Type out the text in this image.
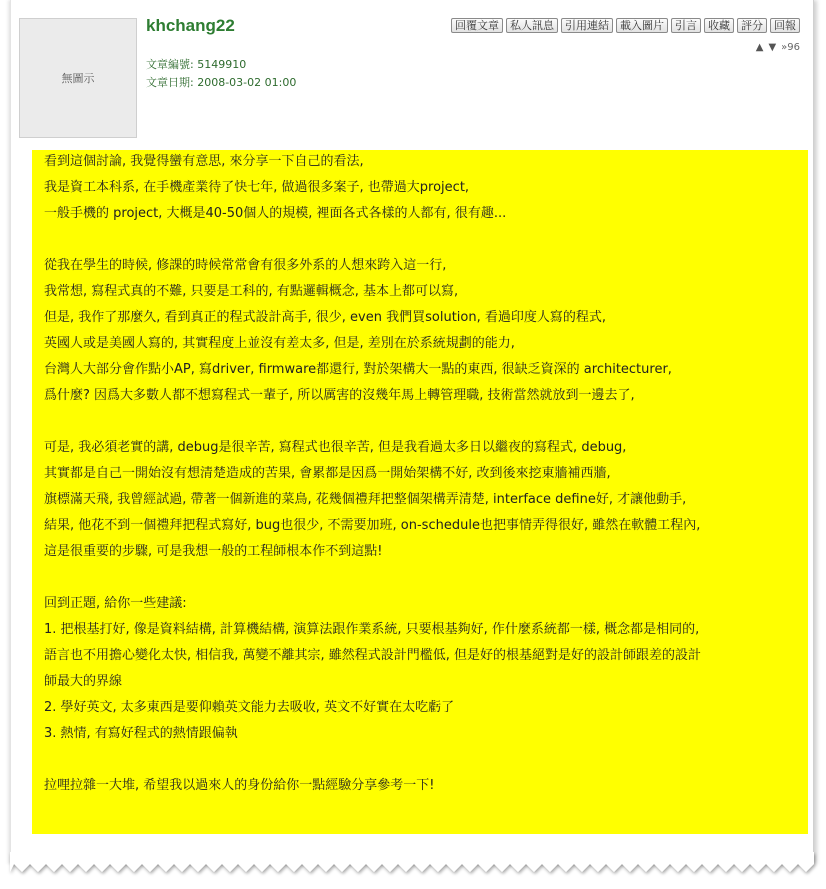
無圖示
khchang22
文章編號: 5149910
文章日期: 2008-03-02 01:00
回覆文章	私人訊息	引用連結	載入圖片	引言	收藏	評分	回報
▲ ▼ »96
看到這個討論, 我覺得蠻有意思, 來分享一下自己的看法,
我是資工本科系, 在手機產業待了快七年, 做過很多案子, 也帶過大project,
一般手機的 project, 大概是40-50個人的規模, 裡面各式各樣的人都有, 很有趣...
從我在學生的時候, 修課的時候常常會有很多外系的人想來跨入這一行,
我常想, 寫程式真的不難, 只要是工科的, 有點邏輯概念, 基本上都可以寫,
但是, 我作了那麼久, 看到真正的程式設計高手, 很少, even 我們買solution, 看過印度人寫的程式,
英國人或是美國人寫的, 其實程度上並沒有差太多, 但是, 差別在於系統規劃的能力,
台灣人大部分會作點小AP, 寫driver, firmware都還行, 對於架構大一點的東西, 很缺乏資深的 architecturer,
爲什麼? 因爲大多數人都不想寫程式一輩子, 所以厲害的沒幾年馬上轉管理職, 技術當然就放到一邊去了,
可是, 我必須老實的講, debug是很辛苦, 寫程式也很辛苦, 但是我看過太多日以繼夜的寫程式, debug,
其實都是自己一開始沒有想清楚造成的苦果, 會累都是因爲一開始架構不好, 改到後來挖東牆補西牆,
旗標滿天飛, 我曾經試過, 帶著一個新進的菜鳥, 花幾個禮拜把整個架構弄清楚, interface define好, 才讓他動手,
結果, 他花不到一個禮拜把程式寫好, bug也很少, 不需要加班, on-schedule也把事情弄得很好, 雖然在軟體工程內,
這是很重要的步驟, 可是我想一般的工程師根本作不到這點!
回到正題, 給你一些建議:
1. 把根基打好, 像是資料結構, 計算機結構, 演算法跟作業系統, 只要根基夠好, 作什麼系統都一樣, 概念都是相同的,
語言也不用擔心變化太快, 相信我, 萬變不離其宗, 雖然程式設計門檻低, 但是好的根基絕對是好的設計師跟差的設計
師最大的界線
2. 學好英文, 太多東西是要仰賴英文能力去吸收, 英文不好實在太吃虧了
3. 熱情, 有寫好程式的熱情跟偏執
拉哩拉雜一大堆, 希望我以過來人的身份給你一點經驗分享參考一下!
